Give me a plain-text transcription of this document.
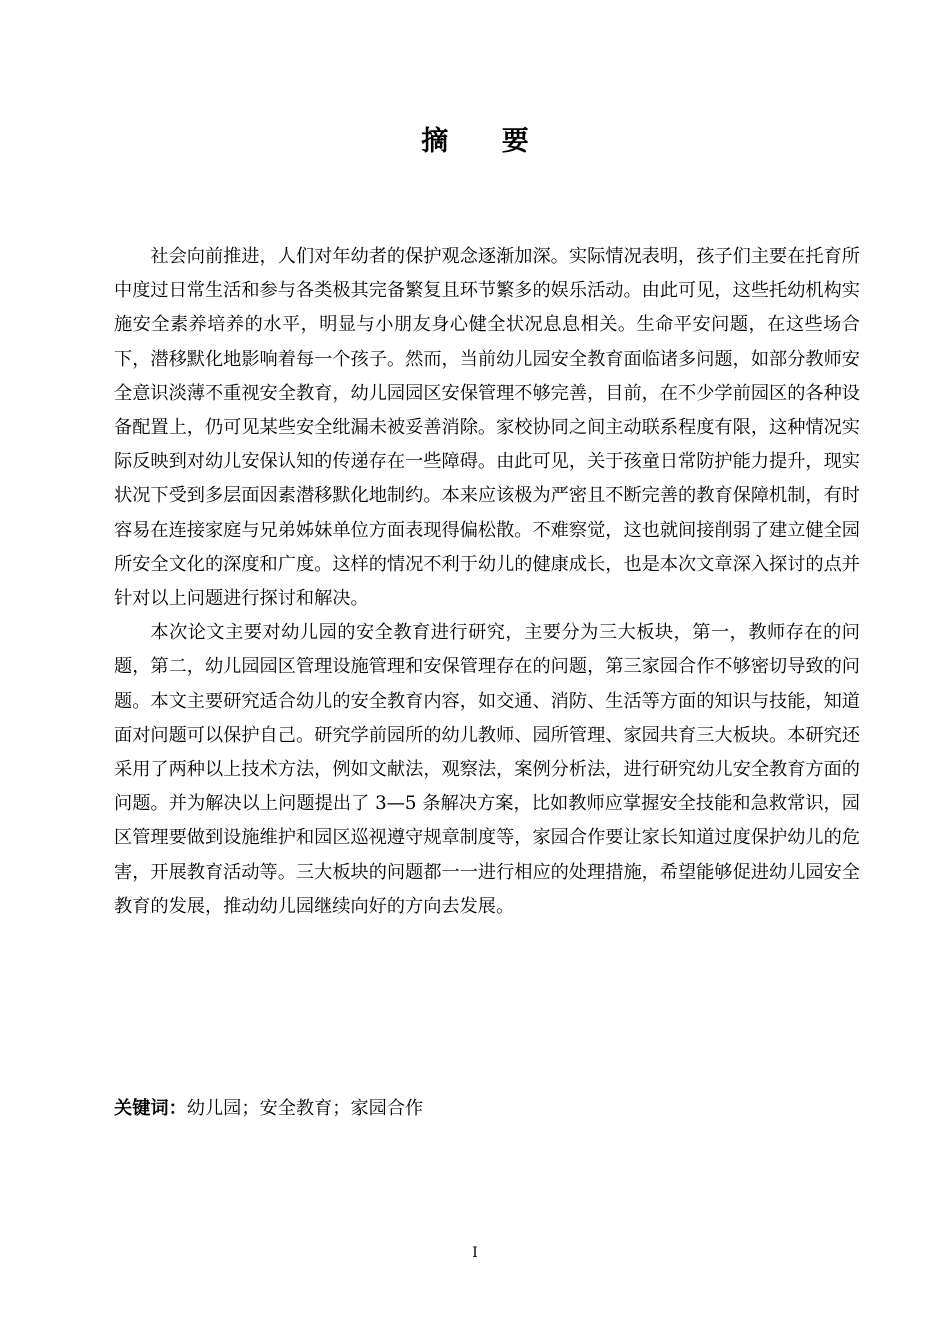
摘 要

社会向前推进，人们对年幼者的保护观念逐渐加深。实际情况表明，孩子们主要在托育所中度过日常生活和参与各类极其完备繁复且环节繁多的娱乐活动。由此可见，这些托幼机构实施安全素养培养的水平，明显与小朋友身心健全状况息息相关。生命平安问题，在这些场合下，潜移默化地影响着每一个孩子。然而，当前幼儿园安全教育面临诸多问题，如部分教师安全意识淡薄不重视安全教育，幼儿园园区安保管理不够完善，目前，在不少学前园区的各种设备配置上，仍可见某些安全纰漏未被妥善消除。家校协同之间主动联系程度有限，这种情况实际反映到对幼儿安保认知的传递存在一些障碍。由此可见，关于孩童日常防护能力提升，现实状况下受到多层面因素潜移默化地制约。本来应该极为严密且不断完善的教育保障机制，有时容易在连接家庭与兄弟姊妹单位方面表现得偏松散。不难察觉，这也就间接削弱了建立健全园所安全文化的深度和广度。这样的情况不利于幼儿的健康成长，也是本次文章深入探讨的点并针对以上问题进行探讨和解决。

本次论文主要对幼儿园的安全教育进行研究，主要分为三大板块，第一，教师存在的问题，第二，幼儿园园区管理设施管理和安保管理存在的问题，第三家园合作不够密切导致的问题。本文主要研究适合幼儿的安全教育内容，如交通、消防、生活等方面的知识与技能，知道面对问题可以保护自己。研究学前园所的幼儿教师、园所管理、家园共育三大板块。本研究还采用了两种以上技术方法，例如文献法，观察法，案例分析法，进行研究幼儿安全教育方面的问题。并为解决以上问题提出了 3—5 条解决方案，比如教师应掌握安全技能和急救常识，园区管理要做到设施维护和园区巡视遵守规章制度等，家园合作要让家长知道过度保护幼儿的危害，开展教育活动等。三大板块的问题都一一进行相应的处理措施，希望能够促进幼儿园安全教育的发展，推动幼儿园继续向好的方向去发展。

关键词：幼儿园；安全教育；家园合作
I
